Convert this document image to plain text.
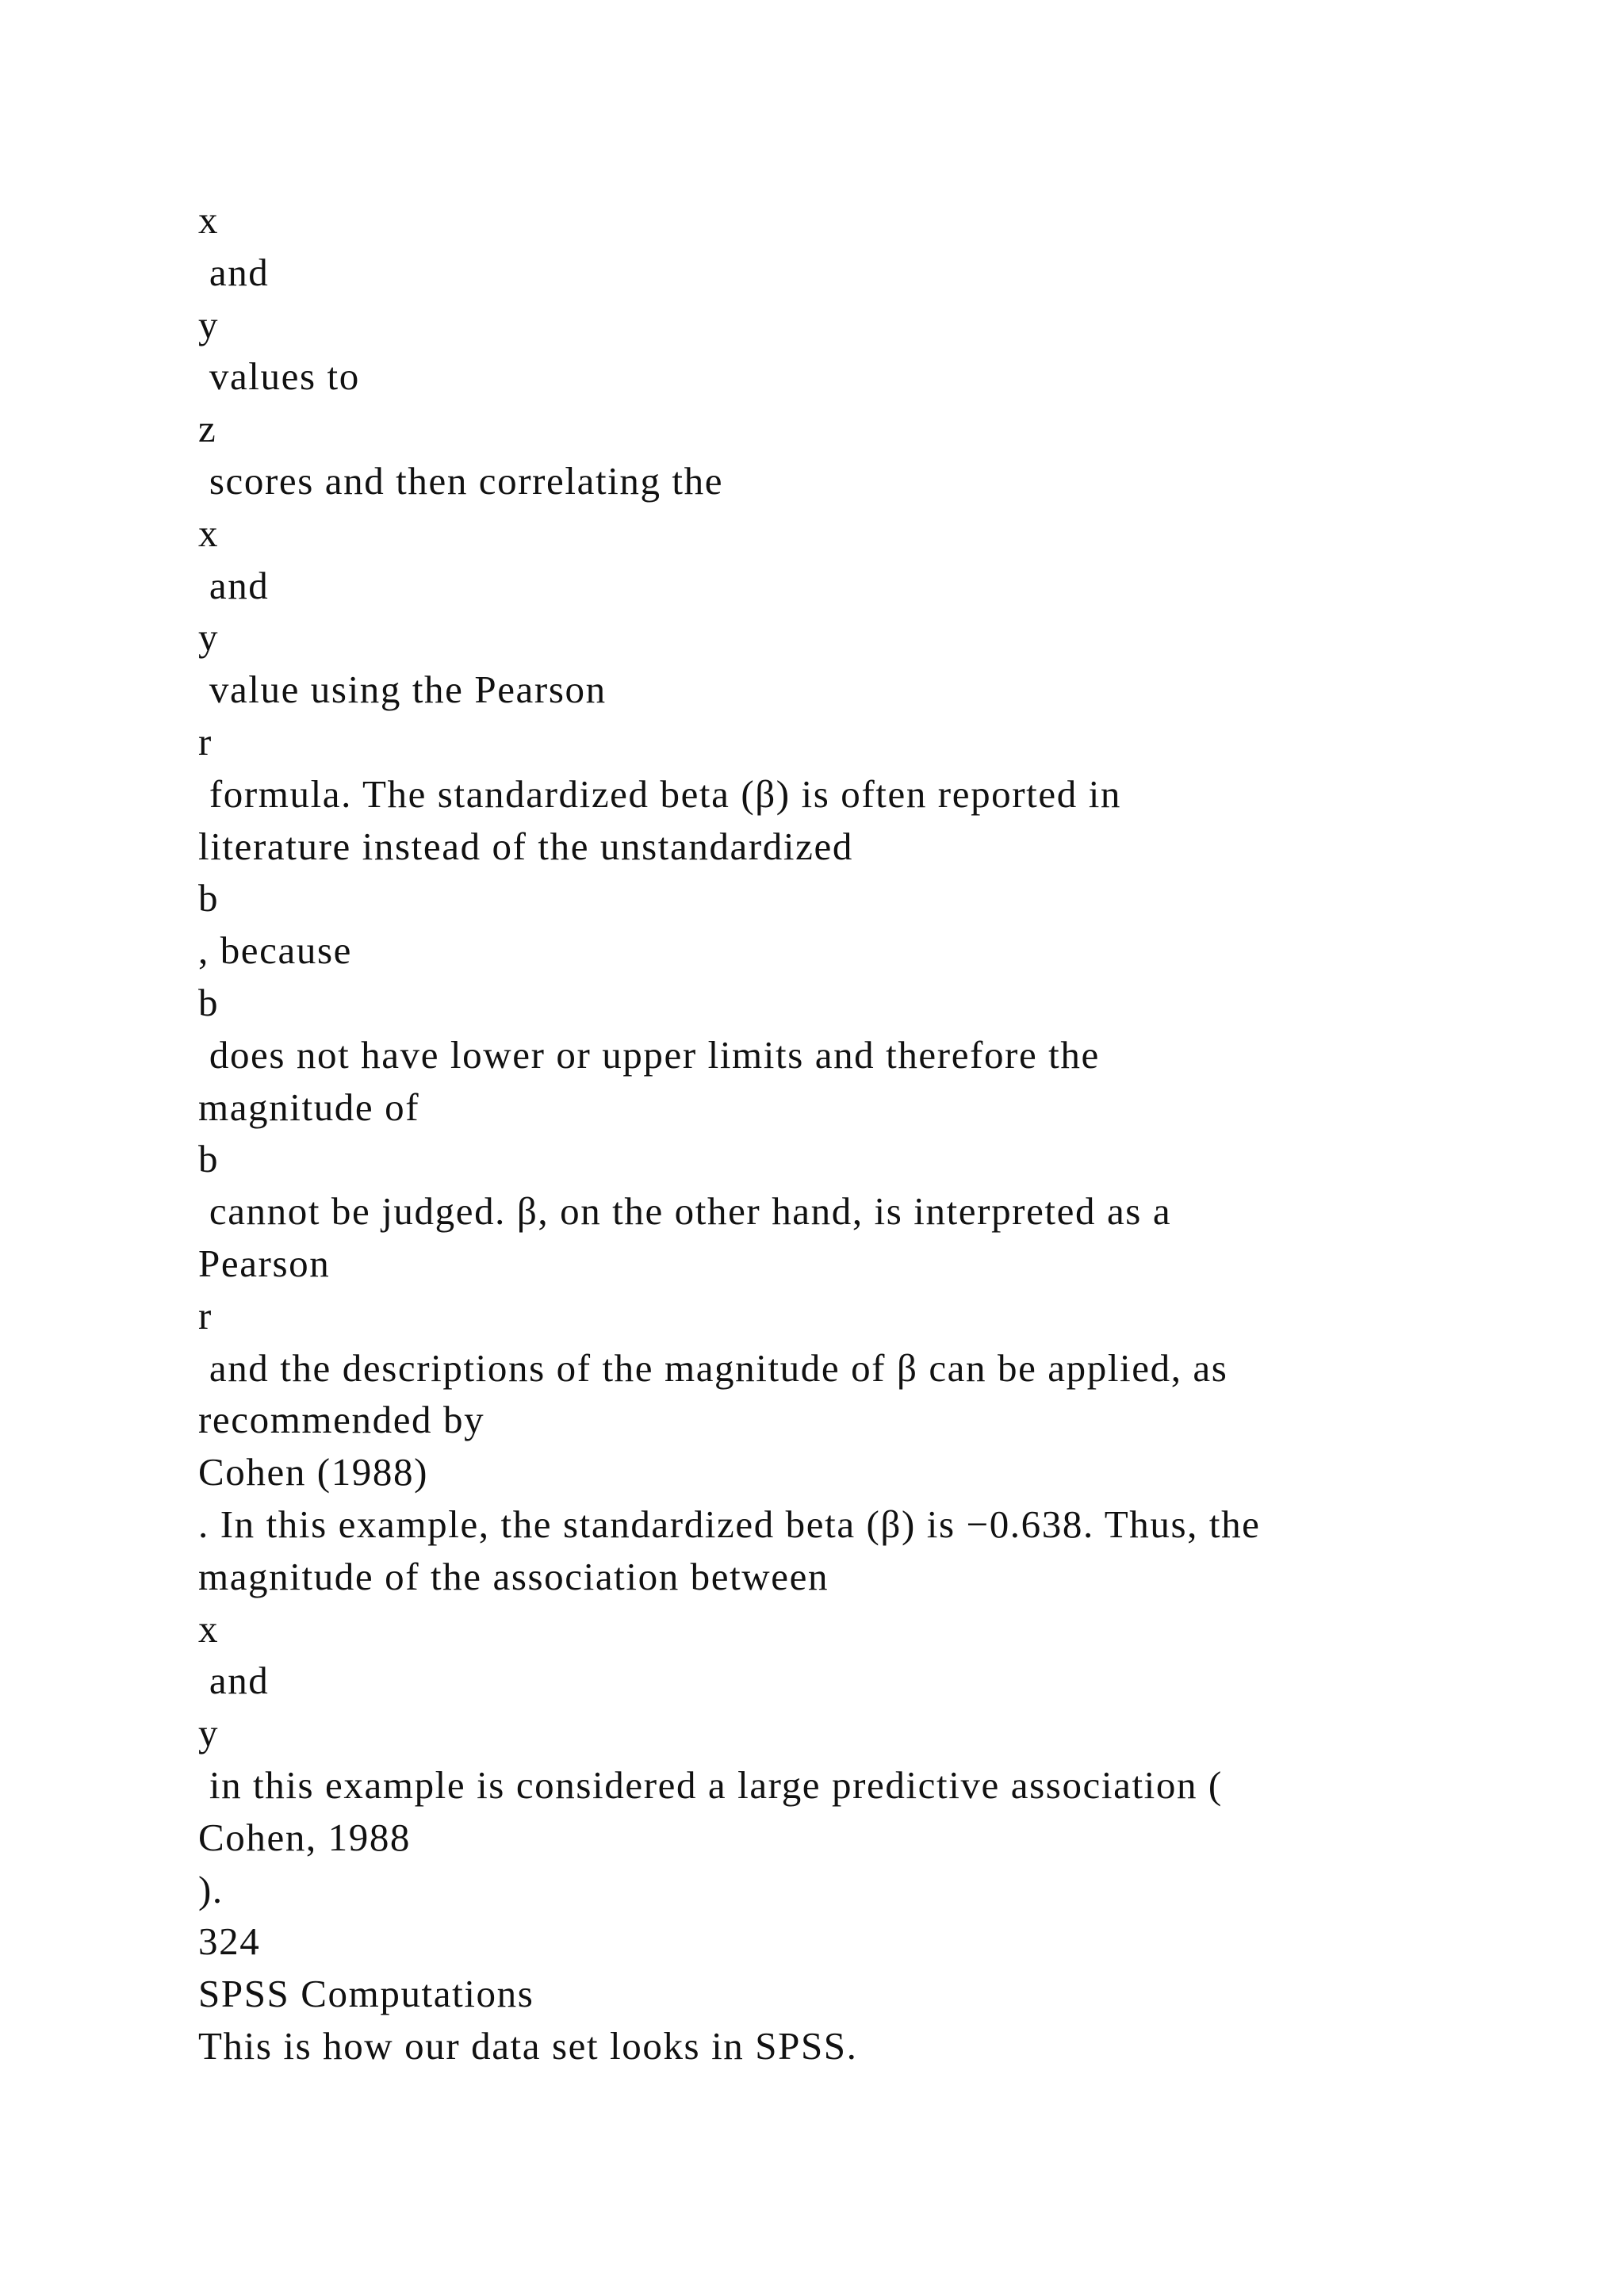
x
and
y
values to
z
scores and then correlating the
x
and
y
value using the Pearson
r
formula. The standardized beta (β) is often reported in
literature instead of the unstandardized
b
, because
b
does not have lower or upper limits and therefore the
magnitude of
b
cannot be judged. β, on the other hand, is interpreted as a
Pearson
r
and the descriptions of the magnitude of β can be applied, as
recommended by
Cohen (1988)
. In this example, the standardized beta (β) is −0.638. Thus, the
magnitude of the association between
x
and
y
in this example is considered a large predictive association (
Cohen, 1988
).
324
SPSS Computations
This is how our data set looks in SPSS.
